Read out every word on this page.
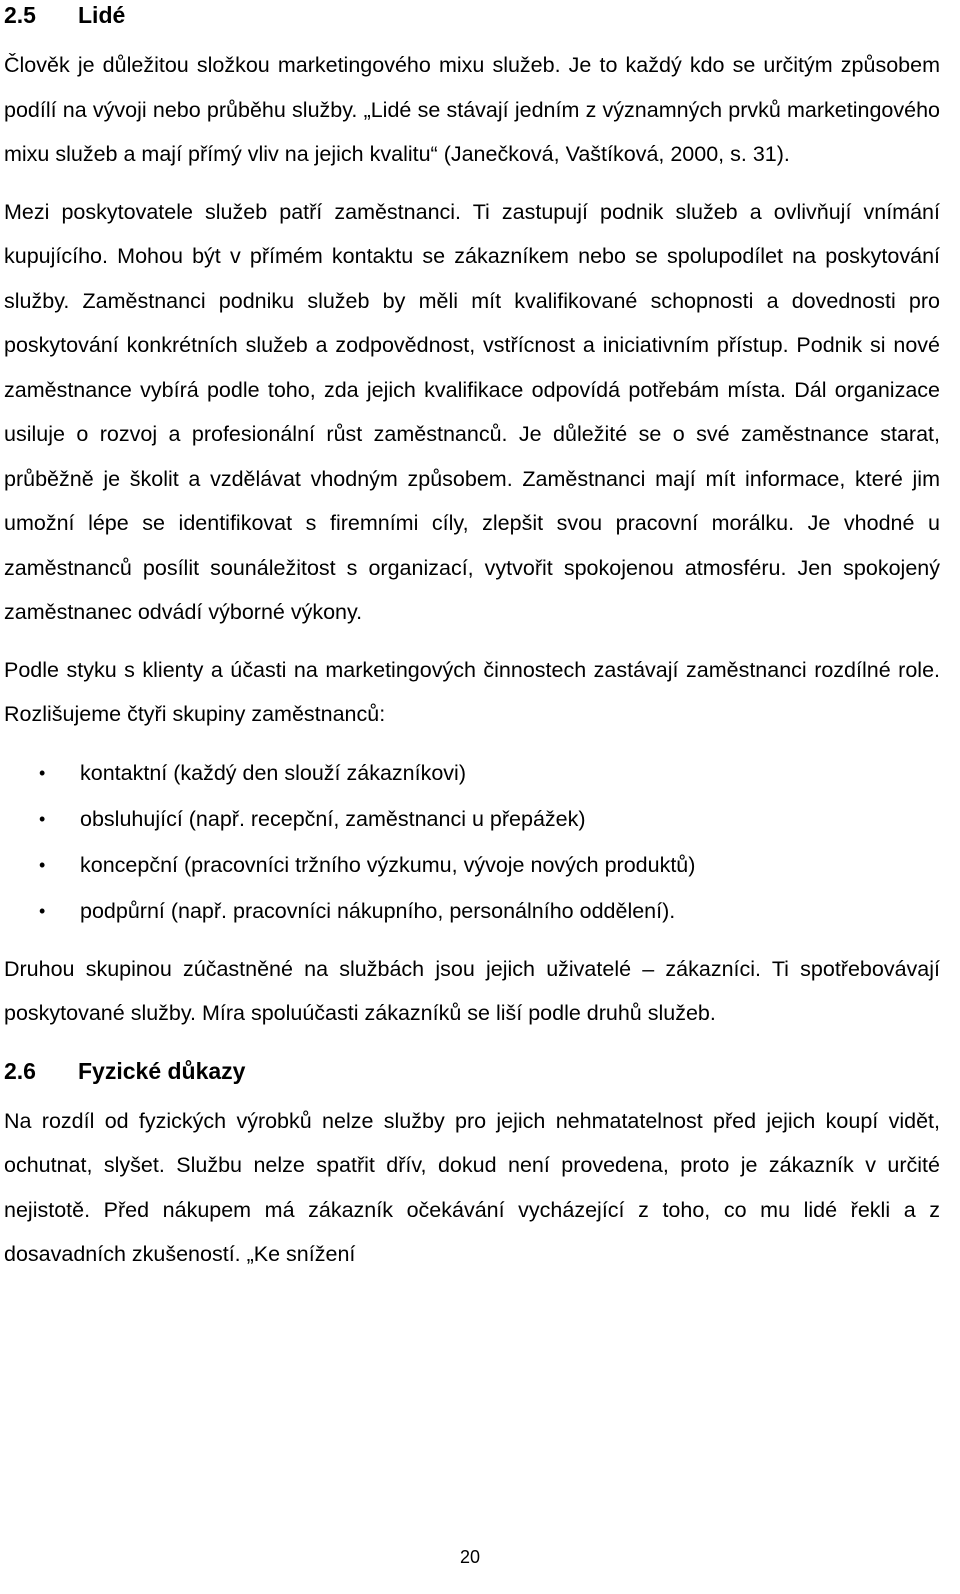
2.5	Lidé

Člověk je důležitou složkou marketingového mixu služeb. Je to každý kdo se určitým způsobem podílí na vývoji nebo průběhu služby. „Lidé se stávají jedním z významných prvků marketingového mixu služeb a mají přímý vliv na jejich kvalitu“ (Janečková, Vaštíková, 2000, s. 31).

Mezi poskytovatele služeb patří zaměstnanci. Ti zastupují podnik služeb a ovlivňují vnímání kupujícího. Mohou být v přímém kontaktu se zákazníkem nebo se spolupodílet na poskytování služby. Zaměstnanci podniku služeb by měli mít kvalifikované schopnosti a dovednosti pro poskytování konkrétních služeb a zodpovědnost, vstřícnost a iniciativním přístup. Podnik si nové zaměstnance vybírá podle toho, zda jejich kvalifikace odpovídá potřebám místa. Dál organizace usiluje o rozvoj a profesionální růst zaměstnanců. Je důležité se o své zaměstnance starat, průběžně je školit a vzdělávat vhodným způsobem. Zaměstnanci mají mít informace, které jim umožní lépe se identifikovat s firemními cíly, zlepšit svou pracovní morálku. Je vhodné u zaměstnanců posílit sounáležitost s organizací, vytvořit spokojenou atmosféru. Jen spokojený zaměstnanec odvádí výborné výkony.

Podle styku s klienty a účasti na marketingových činnostech zastávají zaměstnanci rozdílné role. Rozlišujeme čtyři skupiny zaměstnanců:

• kontaktní (každý den slouží zákazníkovi)
• obsluhující (např. recepční, zaměstnanci u přepážek)
• koncepční (pracovníci tržního výzkumu, vývoje nových produktů)
• podpůrní (např. pracovníci nákupního, personálního oddělení).

Druhou skupinou zúčastněné na službách jsou jejich uživatelé – zákazníci. Ti spotřebovávají poskytované služby. Míra spoluúčasti zákazníků se liší podle druhů služeb.

2.6	Fyzické důkazy

Na rozdíl od fyzických výrobků nelze služby pro jejich nehmatatelnost před jejich koupí vidět, ochutnat, slyšet. Službu nelze spatřit dřív, dokud není provedena, proto je zákazník v určité nejistotě. Před nákupem má zákazník očekávání vycházející z toho, co mu lidé řekli a z dosavadních zkušeností. „Ke snížení

20
